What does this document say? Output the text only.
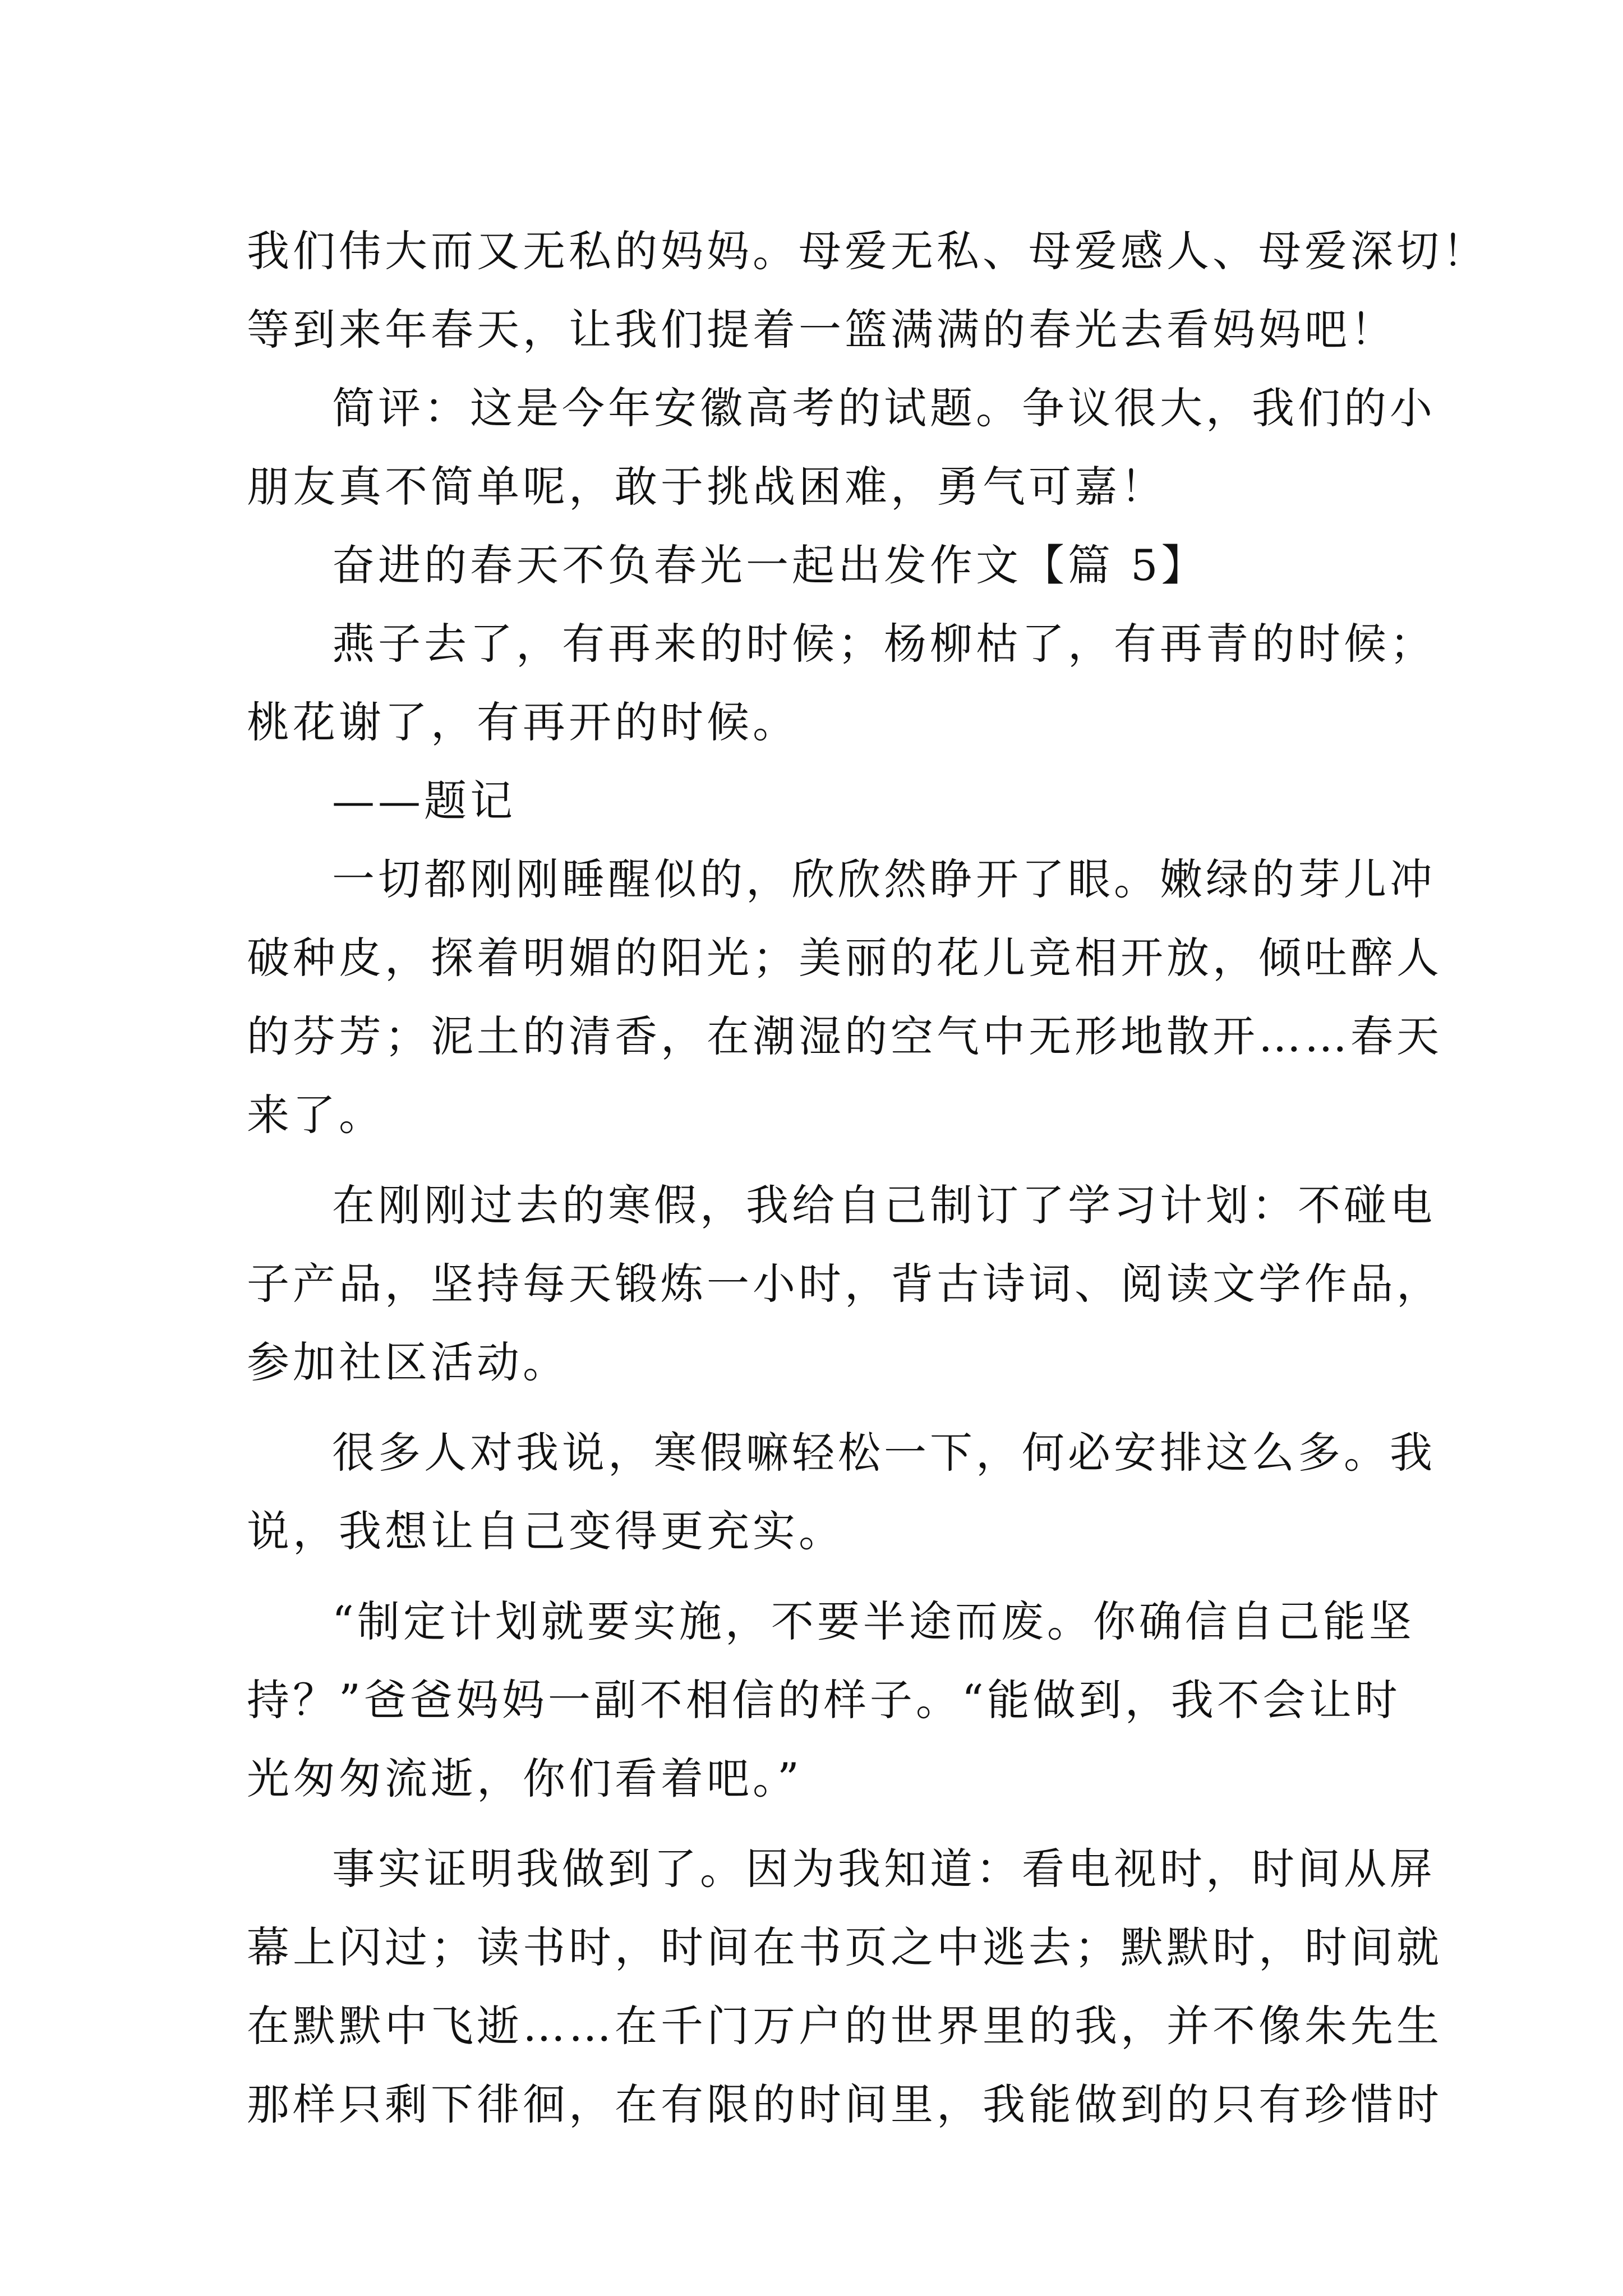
我们伟大而又无私的妈妈。母爱无私、母爱感人、母爱深切！
等到来年春天，让我们提着一篮满满的春光去看妈妈吧！
简评：这是今年安徽高考的试题。争议很大，我们的小
朋友真不简单呢，敢于挑战困难，勇气可嘉！
奋进的春天不负春光一起出发作文【篇 5】
燕子去了，有再来的时候；杨柳枯了，有再青的时候；
桃花谢了，有再开的时候。
——题记
一切都刚刚睡醒似的，欣欣然睁开了眼。嫩绿的芽儿冲
破种皮，探着明媚的阳光；美丽的花儿竞相开放，倾吐醉人
的芬芳；泥土的清香，在潮湿的空气中无形地散开……春天
来了。
在刚刚过去的寒假，我给自己制订了学习计划：不碰电
子产品，坚持每天锻炼一小时，背古诗词、阅读文学作品，
参加社区活动。
很多人对我说，寒假嘛轻松一下，何必安排这么多。我
说，我想让自己变得更充实。
“制定计划就要实施，不要半途而废。你确信自己能坚
持？”爸爸妈妈一副不相信的样子。“能做到，我不会让时
光匆匆流逝，你们看着吧。”
事实证明我做到了。因为我知道：看电视时，时间从屏
幕上闪过；读书时，时间在书页之中逃去；默默时，时间就
在默默中飞逝……在千门万户的世界里的我，并不像朱先生
那样只剩下徘徊，在有限的时间里，我能做到的只有珍惜时
